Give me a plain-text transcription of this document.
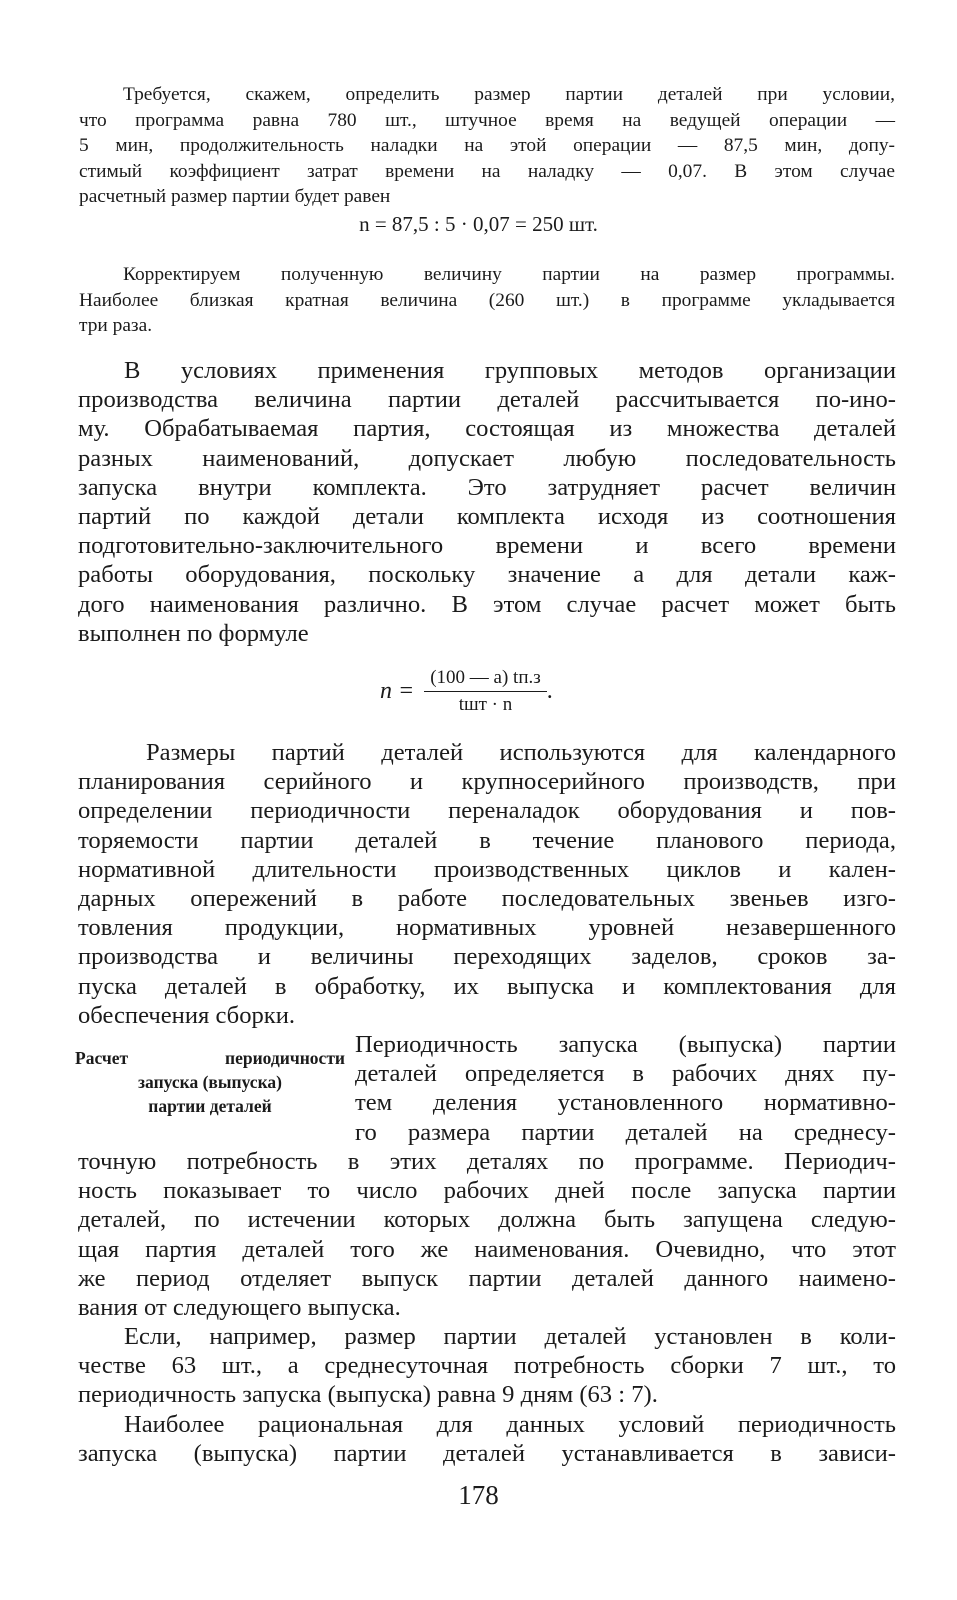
Требуется, скажем, определить размер партии деталей при условии,
что программа равна 780 шт., штучное время на ведущей операции —
5 мин, продолжительность наладки на этой операции — 87,5 мин, допу-
стимый коэффициент затрат времени на наладку — 0,07. В этом случае
расчетный размер партии будет равен
n = 87,5 : 5 · 0,07 = 250 шт.
Корректируем полученную величину партии на размер программы.
Наиболее близкая кратная величина (260 шт.) в программе укладывается
три раза.
В условиях применения групповых методов организации
производства величина партии деталей рассчитывается по-ино-
му. Обрабатываемая партия, состоящая из множества деталей
разных наименований, допускает любую последовательность
запуска внутри комплекта. Это затрудняет расчет величин
партий по каждой детали комплекта исходя из соотношения
подготовительно-заключительного времени и всего времени
работы оборудования, поскольку значение a для детали каж-
дого наименования различно. В этом случае расчет может быть
выполнен по формуле
$n = \frac{(100 — a) tп.з}{\text{tшт · n}}$ .
Размеры партий деталей используются для календарного
планирования серийного и крупносерийного производств, при
определении периодичности переналадок оборудования и пов-
торяемости партии деталей в течение планового периода,
нормативной длительности производственных циклов и кален-
дарных опережений в работе последовательных звеньев изго-
товления продукции, нормативных уровней незавершенного
производства и величины переходящих заделов, сроков за-
пуска деталей в обработку, их выпуска и комплектования для
обеспечения сборки.
Расчет периодичности
запуска (выпуска)
партии деталей
Периодичность запуска (выпуска) партии
деталей определяется в рабочих днях пу-
тем деления установленного нормативно-
го размера партии деталей на среднесу-
точную потребность в этих деталях по программе. Периодич-
ность показывает то число рабочих дней после запуска партии
деталей, по истечении которых должна быть запущена следую-
щая партия деталей того же наименования. Очевидно, что этот
же период отделяет выпуск партии деталей данного наимено-
вания от следующего выпуска.
Если, например, размер партии деталей установлен в коли-
честве 63 шт., а среднесуточная потребность сборки 7 шт., то
периодичность запуска (выпуска) равна 9 дням (63 : 7).
Наиболее рациональная для данных условий периодичность
запуска (выпуска) партии деталей устанавливается в зависи-
178
